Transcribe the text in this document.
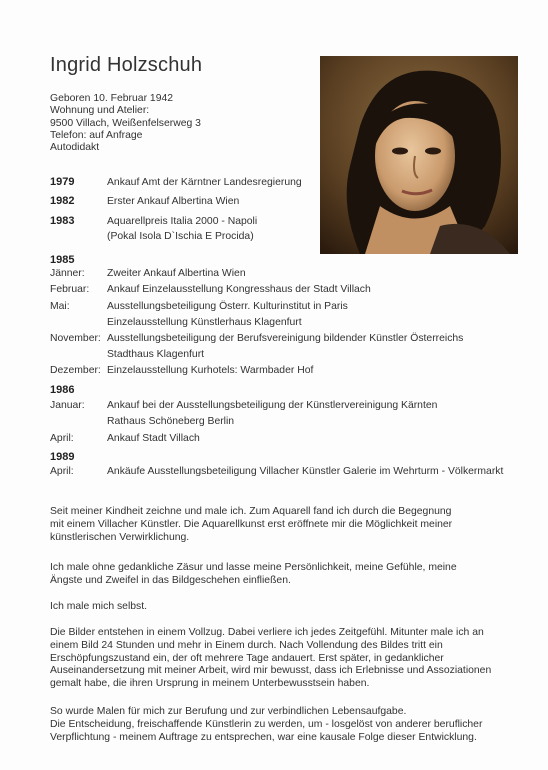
Ingrid Holzschuh
Geboren 10. Februar 1942
Wohnung und Atelier:
9500 Villach, Weißenfelserweg 3
Telefon: auf Anfrage
Autodidakt
1979	Ankauf Amt der Kärntner Landesregierung
1982	Erster Ankauf Albertina Wien
1983	Aquarellpreis Italia 2000 - Napoli
(Pokal Isola D`Ischia E Procida)
1985
Jänner: Zweiter Ankauf Albertina Wien
Februar: Ankauf Einzelausstellung Kongresshaus der Stadt Villach
Mai:	Ausstellungsbeteiligung Österr. Kulturinstitut in Paris
Einzelausstellung Künstlerhaus Klagenfurt
November: Ausstellungsbeteiligung der Berufsvereinigung bildender Künstler Österreichs
Stadthaus Klagenfurt
Dezember: Einzelausstellung Kurhotels: Warmbader Hof
1986
Januar: Ankauf bei der Ausstellungsbeteiligung der Künstlervereinigung Kärnten
Rathaus Schöneberg Berlin
April:	Ankauf Stadt Villach
1989
April:	Ankäufe Ausstellungsbeteiligung Villacher Künstler Galerie im Wehrturm - Völkermarkt
Seit meiner Kindheit zeichne und male ich. Zum Aquarell fand ich durch die Begegnung
mit einem Villacher Künstler. Die Aquarellkunst erst eröffnete mir die Möglichkeit meiner
künstlerischen Verwirklichung.
Ich male ohne gedankliche Zäsur und lasse meine Persönlichkeit, meine Gefühle, meine
Ängste und Zweifel in das Bildgeschehen einfließen.
Ich male mich selbst.
Die Bilder entstehen in einem Vollzug. Dabei verliere ich jedes Zeitgefühl. Mitunter male ich an
einem Bild 24 Stunden und mehr in Einem durch. Nach Vollendung des Bildes tritt ein
Erschöpfungszustand ein, der oft mehrere Tage andauert. Erst später, in gedanklicher
Auseinandersetzung mit meiner Arbeit, wird mir bewusst, dass ich Erlebnisse und Assoziationen
gemalt habe, die ihren Ursprung in meinem Unterbewusstsein haben.
So wurde Malen für mich zur Berufung und zur verbindlichen Lebensaufgabe.
Die Entscheidung, freischaffende Künstlerin zu werden, um - losgelöst von anderer beruflicher
Verpflichtung - meinem Auftrage zu entsprechen, war eine kausale Folge dieser Entwicklung.
